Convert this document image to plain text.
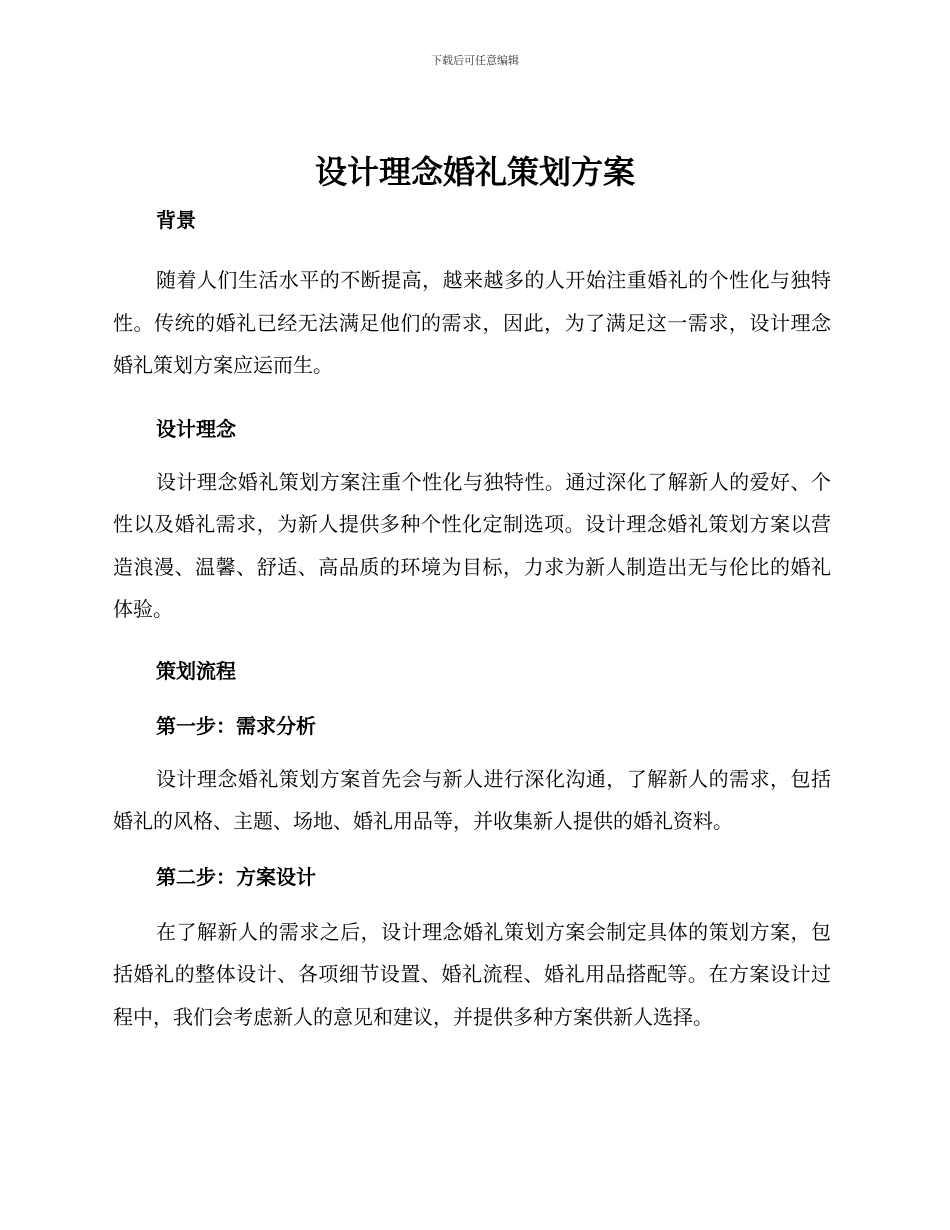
下载后可任意编辑
设计理念婚礼策划方案
背景

随着人们生活水平的不断提高，越来越多的人开始注重婚礼的个性化与独特性。传统的婚礼已经无法满足他们的需求，因此，为了满足这一需求，设计理念婚礼策划方案应运而生。

设计理念

设计理念婚礼策划方案注重个性化与独特性。通过深化了解新人的爱好、个性以及婚礼需求，为新人提供多种个性化定制选项。设计理念婚礼策划方案以营造浪漫、温馨、舒适、高品质的环境为目标，力求为新人制造出无与伦比的婚礼体验。

策划流程
第一步：需求分析

设计理念婚礼策划方案首先会与新人进行深化沟通，了解新人的需求，包括婚礼的风格、主题、场地、婚礼用品等，并收集新人提供的婚礼资料。

第二步：方案设计

在了解新人的需求之后，设计理念婚礼策划方案会制定具体的策划方案，包括婚礼的整体设计、各项细节设置、婚礼流程、婚礼用品搭配等。在方案设计过程中，我们会考虑新人的意见和建议，并提供多种方案供新人选择。
